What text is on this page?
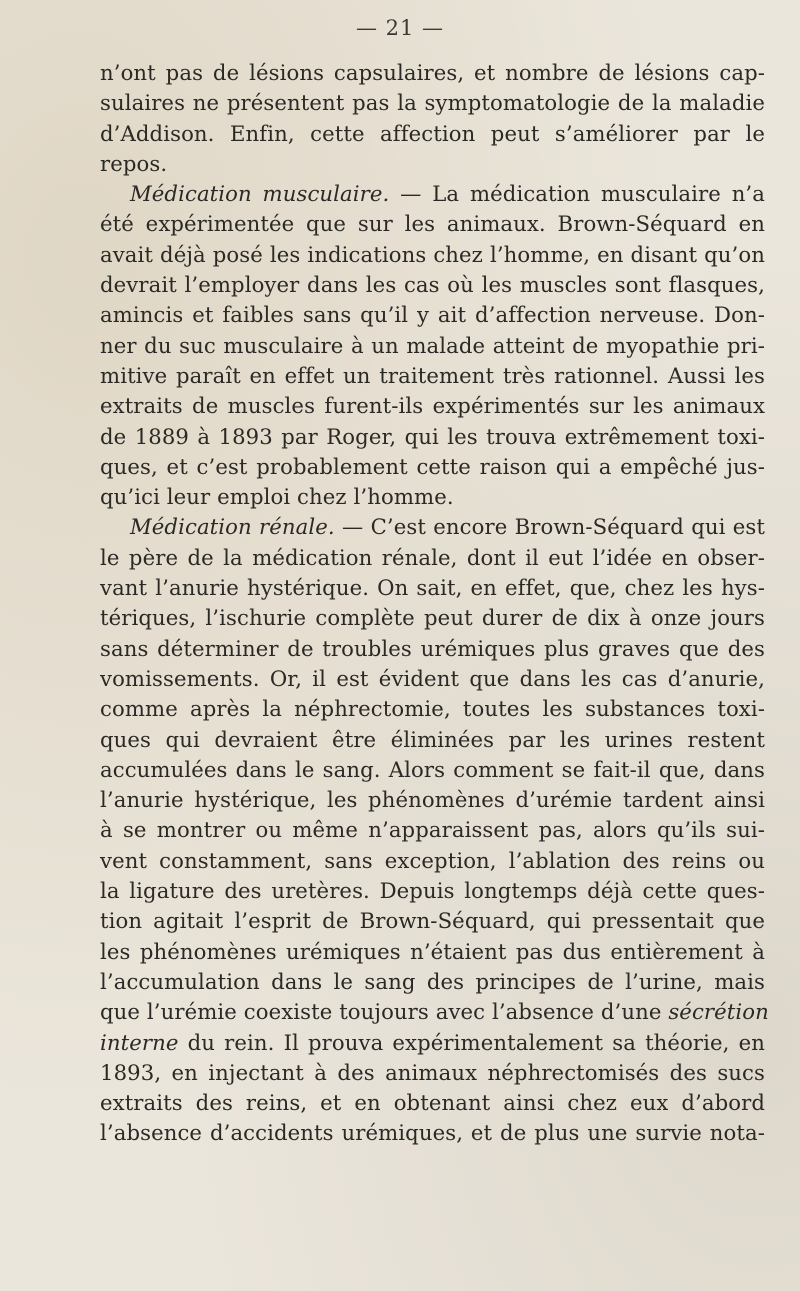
— 21 —
n’ont pas de lésions capsulaires, et nombre de lésions cap-
sulaires ne présentent pas la symptomatologie de la maladie
d’Addison. Enfin, cette affection peut s’améliorer par le
repos.
Médication musculaire. — La médication musculaire n’a
été expérimentée que sur les animaux. Brown-Séquard en
avait déjà posé les indications chez l’homme, en disant qu’on
devrait l’employer dans les cas où les muscles sont flasques,
amincis et faibles sans qu’il y ait d’affection nerveuse. Don-
ner du suc musculaire à un malade atteint de myopathie pri-
mitive paraît en effet un traitement très rationnel. Aussi les
extraits de muscles furent-ils expérimentés sur les animaux
de 1889 à 1893 par Roger, qui les trouva extrêmement toxi-
ques, et c’est probablement cette raison qui a empêché jus-
qu’ici leur emploi chez l’homme.
Médication rénale. — C’est encore Brown-Séquard qui est
le père de la médication rénale, dont il eut l’idée en obser-
vant l’anurie hystérique. On sait, en effet, que, chez les hys-
tériques, l’ischurie complète peut durer de dix à onze jours
sans déterminer de troubles urémiques plus graves que des
vomissements. Or, il est évident que dans les cas d’anurie,
comme après la néphrectomie, toutes les substances toxi-
ques qui devraient être éliminées par les urines restent
accumulées dans le sang. Alors comment se fait-il que, dans
l’anurie hystérique, les phénomènes d’urémie tardent ainsi
à se montrer ou même n’apparaissent pas, alors qu’ils sui-
vent constamment, sans exception, l’ablation des reins ou
la ligature des uretères. Depuis longtemps déjà cette ques-
tion agitait l’esprit de Brown-Séquard, qui pressentait que
les phénomènes urémiques n’étaient pas dus entièrement à
l’accumulation dans le sang des principes de l’urine, mais
que l’urémie coexiste toujours avec l’absence d’une sécrétion
interne du rein. Il prouva expérimentalement sa théorie, en
1893, en injectant à des animaux néphrectomisés des sucs
extraits des reins, et en obtenant ainsi chez eux d’abord
l’absence d’accidents urémiques, et de plus une survie nota-
